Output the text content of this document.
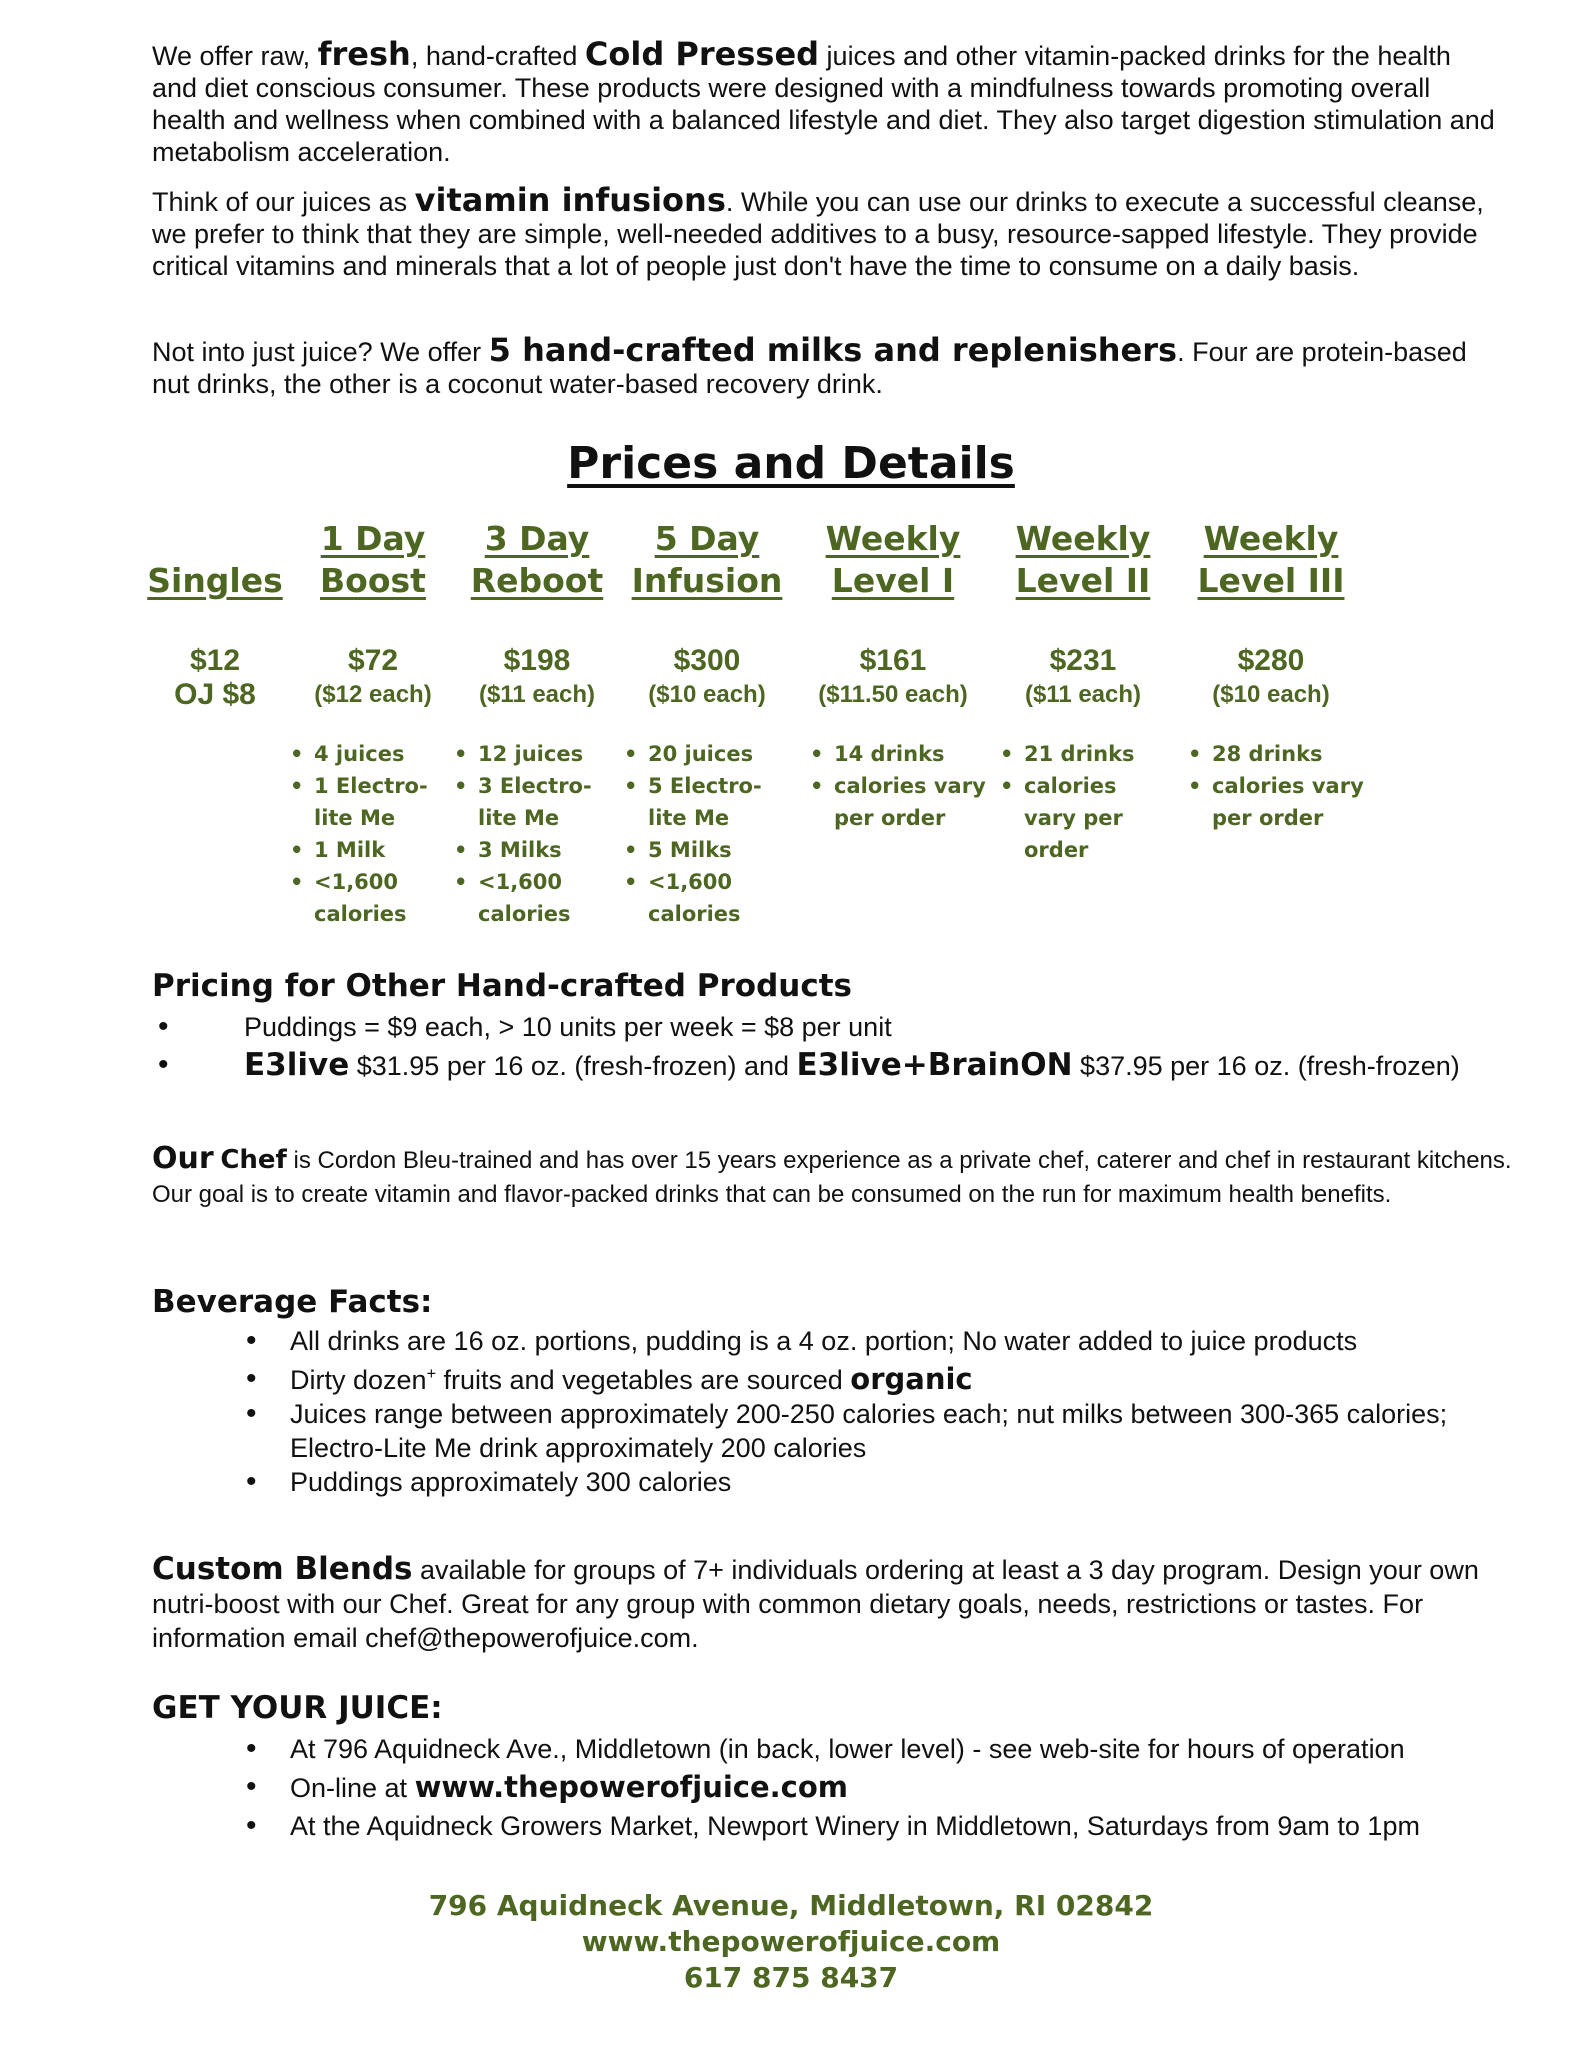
We offer raw, fresh, hand-crafted Cold Pressed juices and other vitamin-packed drinks for the health and diet conscious consumer. These products were designed with a mindfulness towards promoting overall health and wellness when combined with a balanced lifestyle and diet. They also target digestion stimulation and metabolism acceleration.

Think of our juices as vitamin infusions. While you can use our drinks to execute a successful cleanse, we prefer to think that they are simple, well-needed additives to a busy, resource-sapped lifestyle. They provide critical vitamins and minerals that a lot of people just don't have the time to consume on a daily basis.

Not into just juice? We offer 5 hand-crafted milks and replenishers. Four are protein-based nut drinks, the other is a coconut water-based recovery drink.

Prices and Details
Singles
$12
OJ $8
1 Day
Boost
$72
($12 each)
• 4 juices
• 1 Electro-
lite Me
• 1 Milk
• <1,600
calories
3 Day
Reboot
$198
($11 each)
• 12 juices
• 3 Electro-
lite Me
• 3 Milks
• <1,600
calories
5 Day
Infusion
$300
($10 each)
• 20 juices
• 5 Electro-
lite Me
• 5 Milks
• <1,600
calories
Weekly
Level I
$161
($11.50 each)
• 14 drinks
• calories vary
per order
Weekly
Level II
$231
($11 each)
• 21 drinks
• calories
vary per
order
Weekly
Level III
$280
($10 each)
• 28 drinks
• calories vary
per order
Pricing for Other Hand-crafted Products
• Puddings = $9 each, > 10 units per week = $8 per unit
• E3live $31.95 per 16 oz. (fresh-frozen) and E3live+BrainON $37.95 per 16 oz. (fresh-frozen)

Our Chef is Cordon Bleu-trained and has over 15 years experience as a private chef, caterer and chef in restaurant kitchens. Our goal is to create vitamin and flavor-packed drinks that can be consumed on the run for maximum health benefits.

Beverage Facts:
• All drinks are 16 oz. portions, pudding is a 4 oz. portion; No water added to juice products
• Dirty dozen+ fruits and vegetables are sourced organic
• Juices range between approximately 200-250 calories each; nut milks between 300-365 calories; Electro-Lite Me drink approximately 200 calories
• Puddings approximately 300 calories

Custom Blends available for groups of 7+ individuals ordering at least a 3 day program. Design your own nutri-boost with our Chef. Great for any group with common dietary goals, needs, restrictions or tastes. For information email chef@thepowerofjuice.com.

GET YOUR JUICE:
• At 796 Aquidneck Ave., Middletown (in back, lower level) - see web-site for hours of operation
• On-line at www.thepowerofjuice.com
• At the Aquidneck Growers Market, Newport Winery in Middletown, Saturdays from 9am to 1pm
796 Aquidneck Avenue, Middletown, RI 02842
www.thepowerofjuice.com
617 875 8437
